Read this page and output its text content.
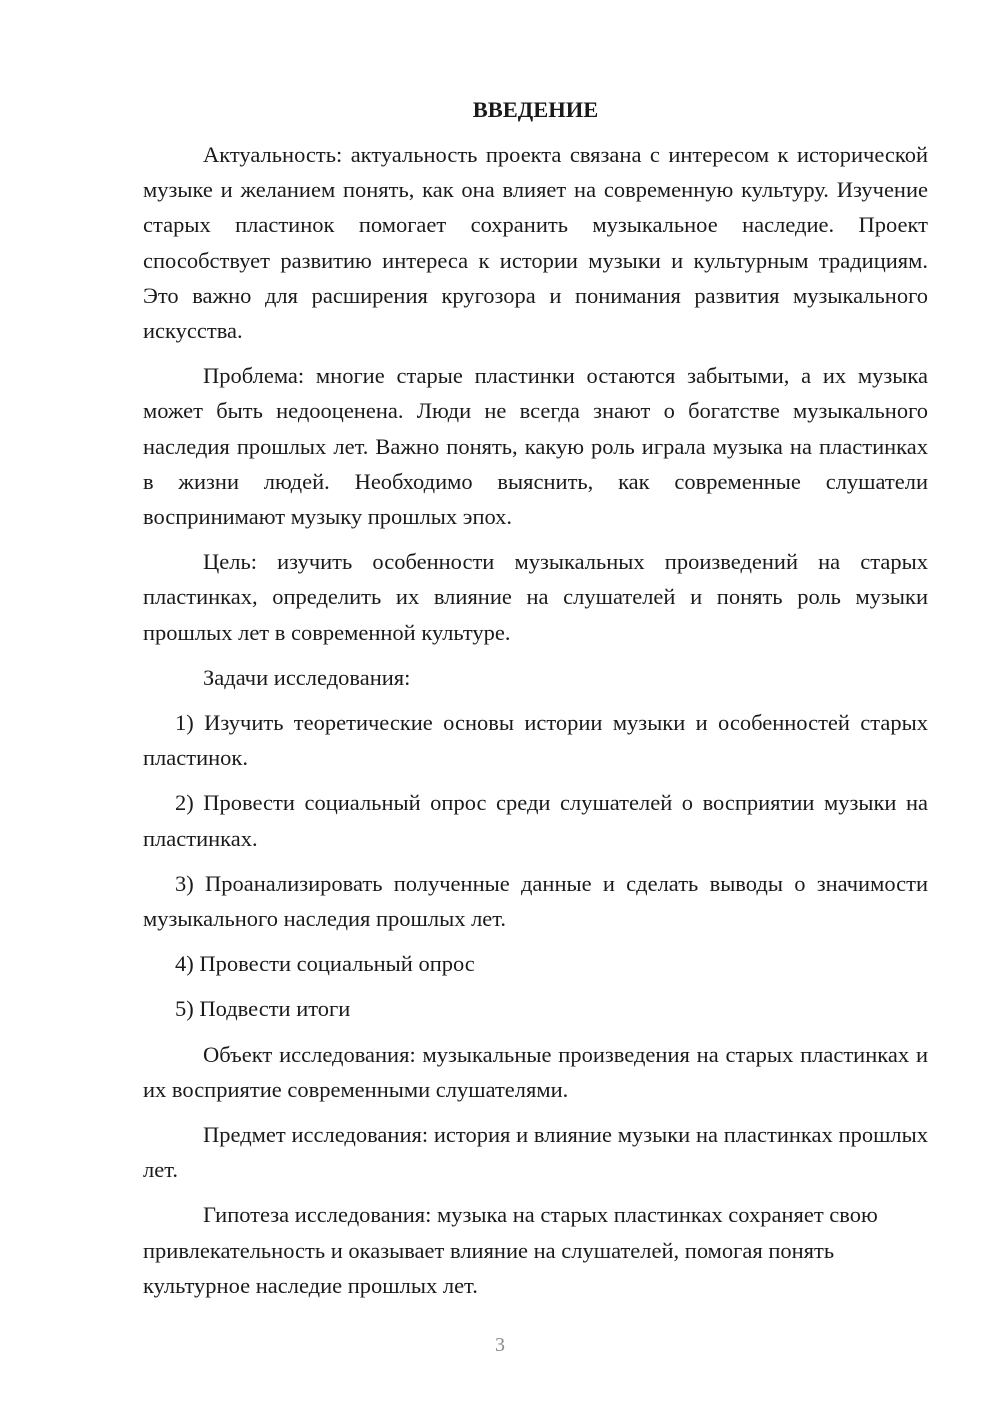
ВВЕДЕНИЕ

Актуальность: актуальность проекта связана с интересом к исторической музыке и желанием понять, как она влияет на современную культуру. Изучение старых пластинок помогает сохранить музыкальное наследие. Проект способствует развитию интереса к истории музыки и культурным традициям. Это важно для расширения кругозора и понимания развития музыкального искусства.

Проблема: многие старые пластинки остаются забытыми, а их музыка может быть недооценена. Люди не всегда знают о богатстве музыкального наследия прошлых лет. Важно понять, какую роль играла музыка на пластинках в жизни людей. Необходимо выяснить, как современные слушатели воспринимают музыку прошлых эпох.

Цель: изучить особенности музыкальных произведений на старых пластинках, определить их влияние на слушателей и понять роль музыки прошлых лет в современной культуре.

Задачи исследования:

1) Изучить теоретические основы истории музыки и особенностей старых пластинок.

2) Провести социальный опрос среди слушателей о восприятии музыки на пластинках.

3) Проанализировать полученные данные и сделать выводы о значимости музыкального наследия прошлых лет.

4) Провести социальный опрос

5) Подвести итоги

Объект исследования: музыкальные произведения на старых пластинках и их восприятие современными слушателями.

Предмет исследования: история и влияние музыки на пластинках прошлых лет.

Гипотеза исследования: музыка на старых пластинках сохраняет свою привлекательность и оказывает влияние на слушателей, помогая понять культурное наследие прошлых лет.

3
